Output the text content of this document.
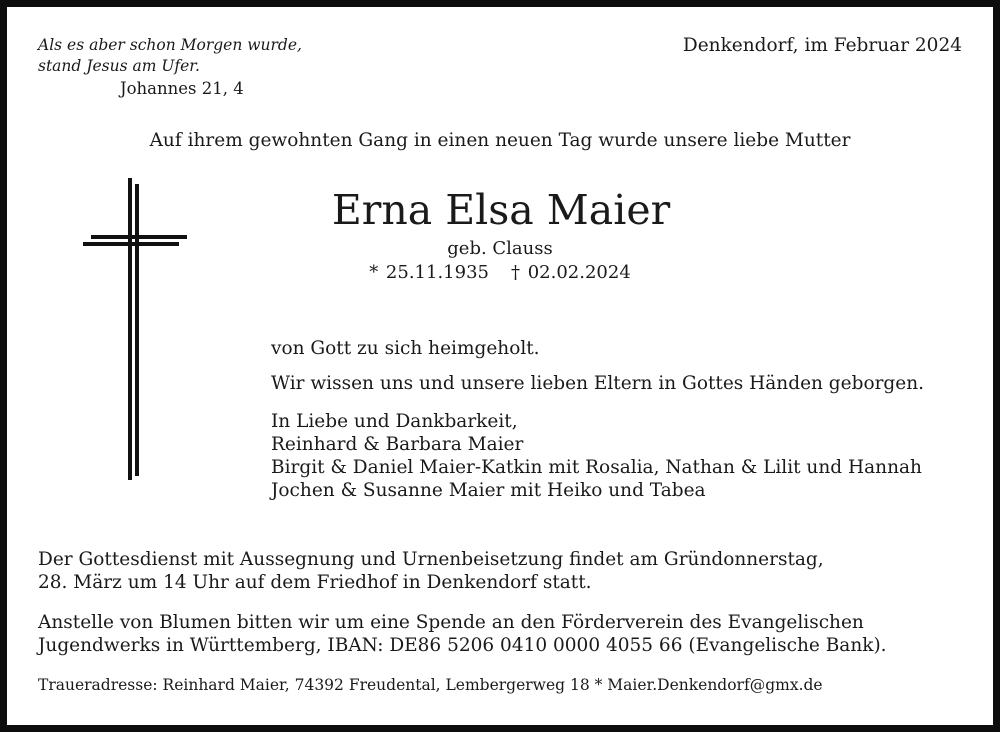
Als es aber schon Morgen wurde,
stand Jesus am Ufer.
Johannes 21, 4
Denkendorf, im Februar 2024
Auf ihrem gewohnten Gang in einen neuen Tag wurde unsere liebe Mutter
Erna Elsa Maier
geb. Clauss
* 25.11.1935 † 02.02.2024
von Gott zu sich heimgeholt.
Wir wissen uns und unsere lieben Eltern in Gottes Händen geborgen.
In Liebe und Dankbarkeit,
Reinhard & Barbara Maier
Birgit & Daniel Maier-Katkin mit Rosalia, Nathan & Lilit und Hannah
Jochen & Susanne Maier mit Heiko und Tabea
Der Gottesdienst mit Aussegnung und Urnenbeisetzung findet am Gründonnerstag,
28. März um 14 Uhr auf dem Friedhof in Denkendorf statt.
Anstelle von Blumen bitten wir um eine Spende an den Förderverein des Evangelischen
Jugendwerks in Württemberg, IBAN: DE86 5206 0410 0000 4055 66 (Evangelische Bank).
Traueradresse: Reinhard Maier, 74392 Freudental, Lembergerweg 18 * Maier.Denkendorf@gmx.de
